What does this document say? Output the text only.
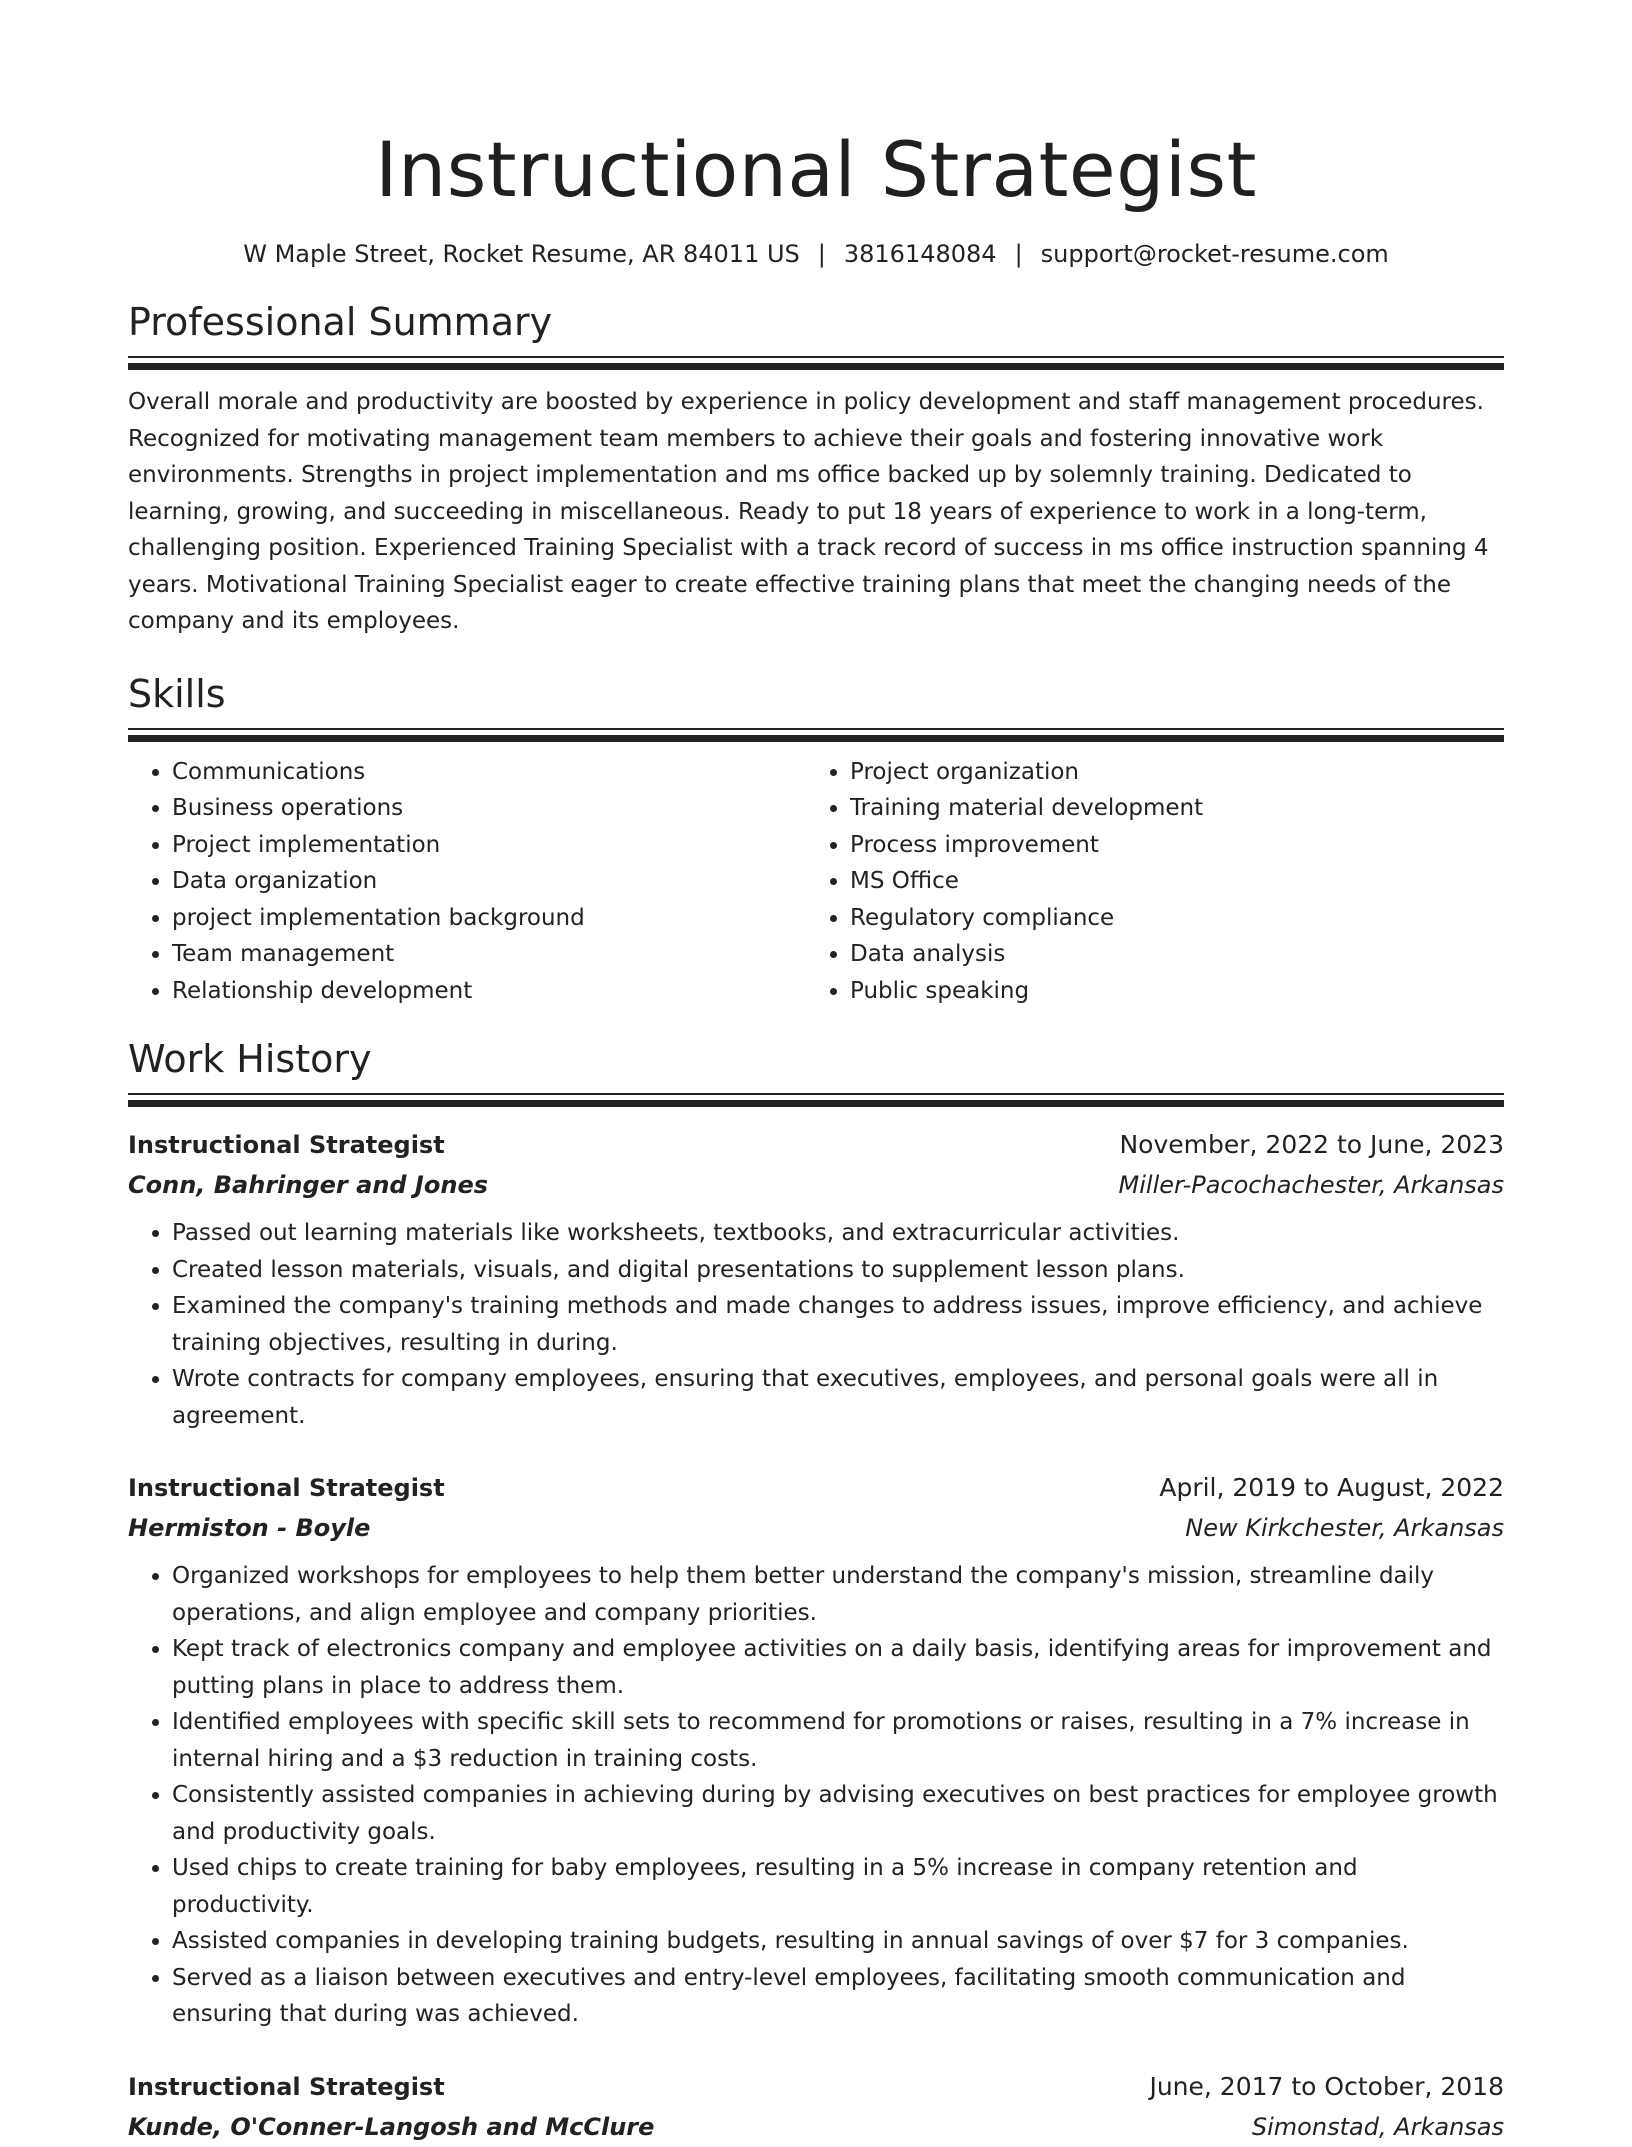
Instructional Strategist
W Maple Street, Rocket Resume, AR 84011 US | 3816148084 | support@rocket-resume.com
Professional Summary

Overall morale and productivity are boosted by experience in policy development and staff management procedures. Recognized for motivating management team members to achieve their goals and fostering innovative work environments. Strengths in project implementation and ms office backed up by solemnly training. Dedicated to learning, growing, and succeeding in miscellaneous. Ready to put 18 years of experience to work in a long-term, challenging position. Experienced Training Specialist with a track record of success in ms office instruction spanning 4 years. Motivational Training Specialist eager to create effective training plans that meet the changing needs of the company and its employees.

Skills
• Communications
• Business operations
• Project implementation
• Data organization
• project implementation background
• Team management
• Relationship development
• Project organization
• Training material development
• Process improvement
• MS Office
• Regulatory compliance
• Data analysis
• Public speaking
Work History
Instructional Strategist	November, 2022 to June, 2023
Conn, Bahringer and Jones	Miller-Pacochachester, Arkansas
• Passed out learning materials like worksheets, textbooks, and extracurricular activities.
• Created lesson materials, visuals, and digital presentations to supplement lesson plans.
• Examined the company's training methods and made changes to address issues, improve efficiency, and achieve training objectives, resulting in during.
• Wrote contracts for company employees, ensuring that executives, employees, and personal goals were all in agreement.
Instructional Strategist	April, 2019 to August, 2022
Hermiston - Boyle	New Kirkchester, Arkansas
• Organized workshops for employees to help them better understand the company's mission, streamline daily operations, and align employee and company priorities.
• Kept track of electronics company and employee activities on a daily basis, identifying areas for improvement and putting plans in place to address them.
• Identified employees with specific skill sets to recommend for promotions or raises, resulting in a 7% increase in internal hiring and a $3 reduction in training costs.
• Consistently assisted companies in achieving during by advising executives on best practices for employee growth and productivity goals.
• Used chips to create training for baby employees, resulting in a 5% increase in company retention and productivity.
• Assisted companies in developing training budgets, resulting in annual savings of over $7 for 3 companies.
• Served as a liaison between executives and entry-level employees, facilitating smooth communication and ensuring that during was achieved.
Instructional Strategist	June, 2017 to October, 2018
Kunde, O'Conner-Langosh and McClure	Simonstad, Arkansas
